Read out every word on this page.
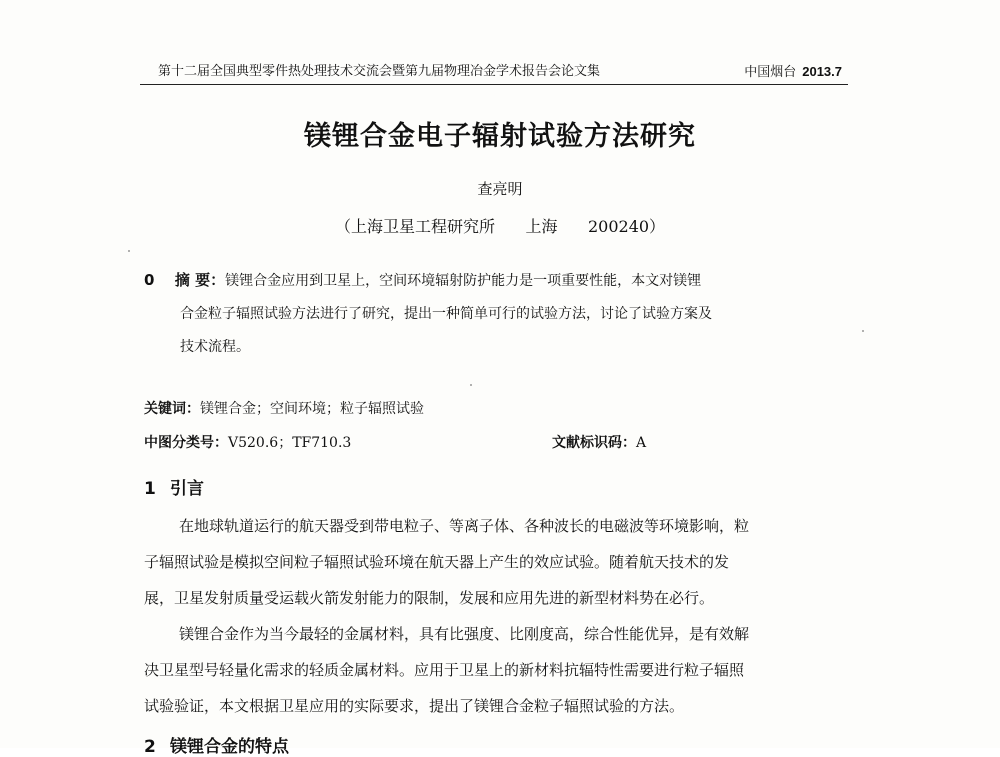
第十二届全国典型零件热处理技术交流会暨第九届物理冶金学术报告会论文集	中国烟台 2013.7
镁锂合金电子辐射试验方法研究
查亮明
（上海卫星工程研究所      上海      200240）
0 摘 要：镁锂合金应用到卫星上，空间环境辐射防护能力是一项重要性能，本文对镁锂
合金粒子辐照试验方法进行了研究，提出一种简单可行的试验方法，讨论了试验方案及
技术流程。
关键词：镁锂合金；空间环境；粒子辐照试验
中图分类号：V520.6；TF710.3	文献标识码：A
1 引言
在地球轨道运行的航天器受到带电粒子、等离子体、各种波长的电磁波等环境影响，粒
子辐照试验是模拟空间粒子辐照试验环境在航天器上产生的效应试验。随着航天技术的发
展，卫星发射质量受运载火箭发射能力的限制，发展和应用先进的新型材料势在必行。
镁锂合金作为当今最轻的金属材料，具有比强度、比刚度高，综合性能优异，是有效解
决卫星型号轻量化需求的轻质金属材料。应用于卫星上的新材料抗辐特性需要进行粒子辐照
试验验证，本文根据卫星应用的实际要求，提出了镁锂合金粒子辐照试验的方法。
2 镁锂合金的特点
